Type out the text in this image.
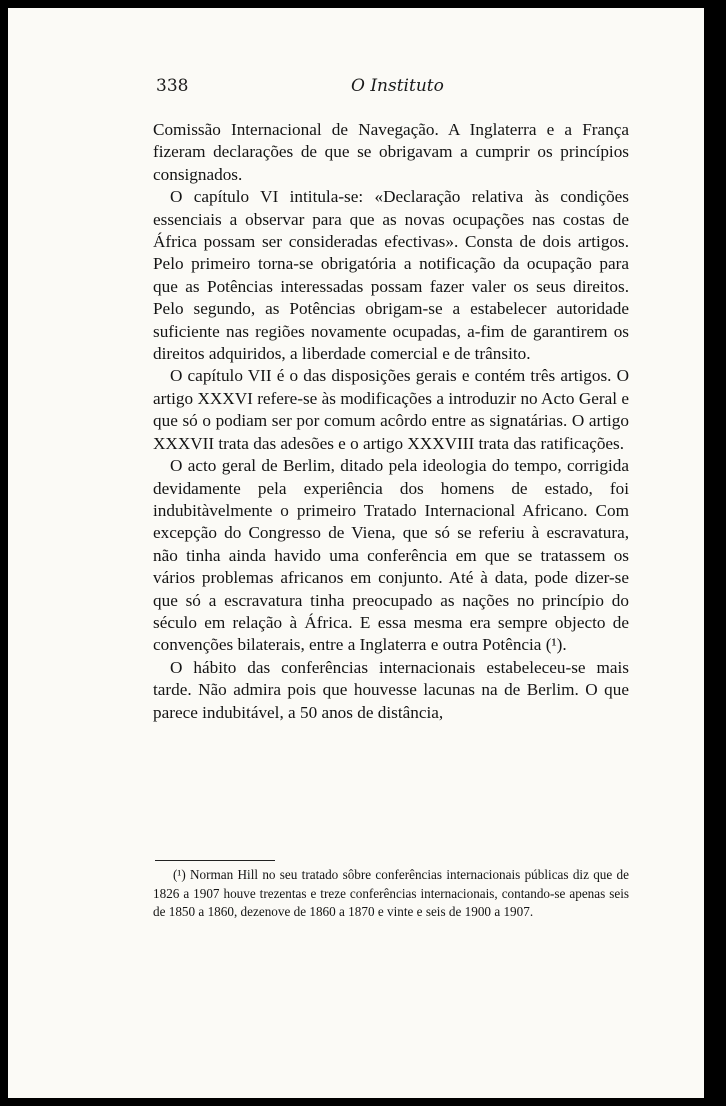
338	O Instituto

Comissão Internacional de Navegação. A Inglaterra e a França fizeram declarações de que se obrigavam a cumprir os princípios consignados.

O capítulo VI intitula-se: «Declaração relativa às condições essenciais a observar para que as novas ocupações nas costas de África possam ser consideradas efectivas». Consta de dois artigos. Pelo primeiro torna-se obrigatória a notificação da ocupação para que as Potências interessadas possam fazer valer os seus direitos. Pelo segundo, as Potências obrigam-se a estabelecer autoridade suficiente nas regiões novamente ocupadas, a-fim de garantirem os direitos adquiridos, a liberdade comercial e de trânsito.

O capítulo VII é o das disposições gerais e contém três artigos. O artigo XXXVI refere-se às modificações a introduzir no Acto Geral e que só o podiam ser por comum acôrdo entre as signatárias. O artigo XXXVII trata das adesões e o artigo XXXVIII trata das ratificações.

O acto geral de Berlim, ditado pela ideologia do tempo, corrigida devidamente pela experiência dos homens de estado, foi indubitàvelmente o primeiro Tratado Internacional Africano. Com excepção do Congresso de Viena, que só se referiu à escravatura, não tinha ainda havido uma conferência em que se tratassem os vários problemas africanos em conjunto. Até à data, pode dizer-se que só a escravatura tinha preocupado as nações no princípio do século em relação à África. E essa mesma era sempre objecto de convenções bilaterais, entre a Inglaterra e outra Potência (¹).

O hábito das conferências internacionais estabeleceu-se mais tarde. Não admira pois que houvesse lacunas na de Berlim. O que parece indubitável, a 50 anos de distância,

(¹) Norman Hill no seu tratado sôbre conferências internacionais públicas diz que de 1826 a 1907 houve trezentas e treze conferências internacionais, contando-se apenas seis de 1850 a 1860, dezenove de 1860 a 1870 e vinte e seis de 1900 a 1907.
